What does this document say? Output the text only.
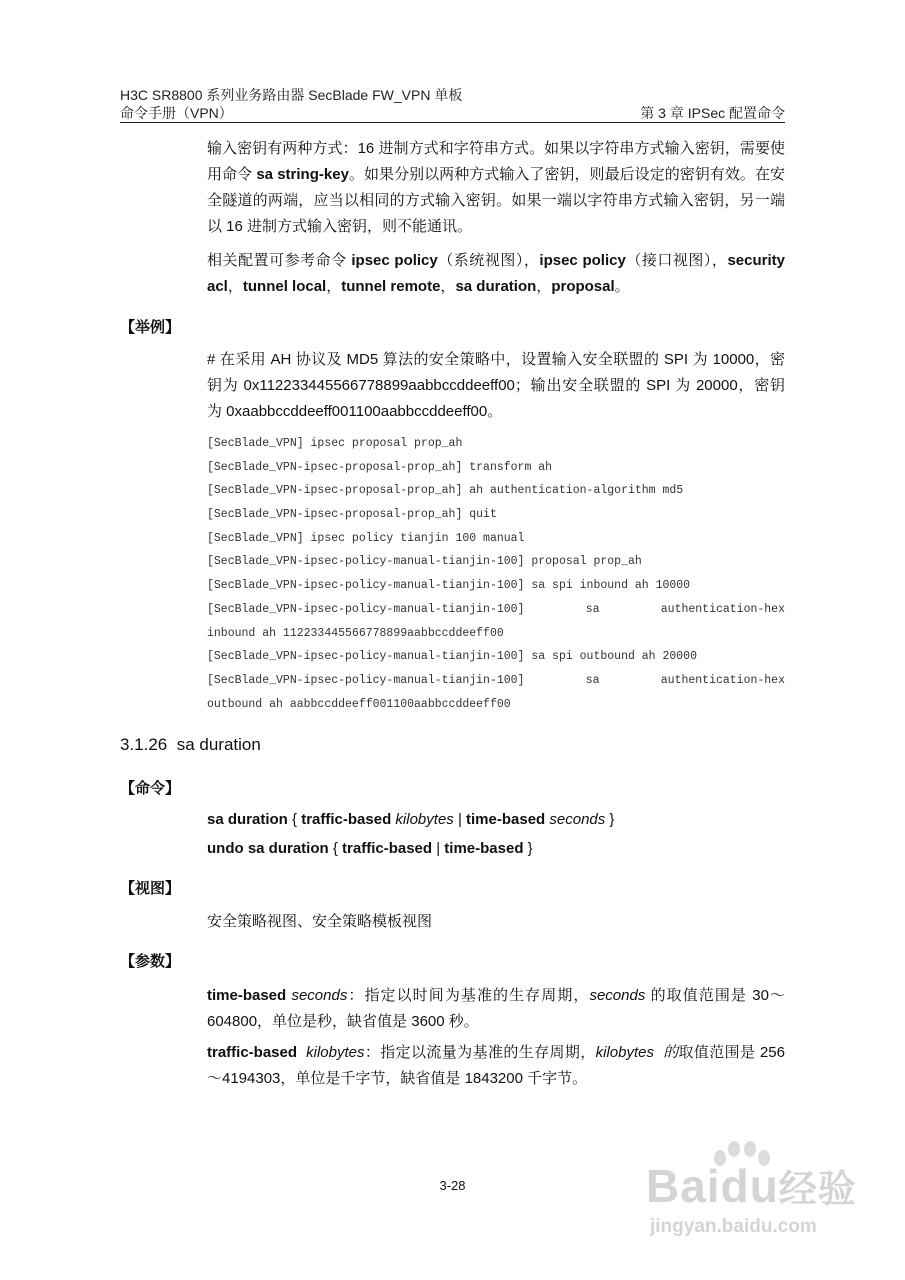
H3C SR8800 系列业务路由器 SecBlade FW_VPN 单板
命令手册（VPN）	第 3 章 IPSec 配置命令
输入密钥有两种方式：16 进制方式和字符串方式。如果以字符串方式输入密钥，需要使用命令 sa string-key。如果分别以两种方式输入了密钥，则最后设定的密钥有效。在安全隧道的两端，应当以相同的方式输入密钥。如果一端以字符串方式输入密钥，另一端以 16 进制方式输入密钥，则不能通讯。
相关配置可参考命令 ipsec policy（系统视图），ipsec policy（接口视图），security acl，tunnel local，tunnel remote，sa duration，proposal。
【举例】
# 在采用 AH 协议及 MD5 算法的安全策略中，设置输入安全联盟的 SPI 为 10000，密钥为 0x112233445566778899aabbccddeeff00；输出安全联盟的 SPI 为 20000，密钥为 0xaabbccddeeff001100aabbccddeeff00。
[SecBlade_VPN] ipsec proposal prop_ah
[SecBlade_VPN-ipsec-proposal-prop_ah] transform ah
[SecBlade_VPN-ipsec-proposal-prop_ah] ah authentication-algorithm md5
[SecBlade_VPN-ipsec-proposal-prop_ah] quit
[SecBlade_VPN] ipsec policy tianjin 100 manual
[SecBlade_VPN-ipsec-policy-manual-tianjin-100] proposal prop_ah
[SecBlade_VPN-ipsec-policy-manual-tianjin-100] sa spi inbound ah 10000
[SecBlade_VPN-ipsec-policy-manual-tianjin-100]	sa	authentication-hex
inbound ah 112233445566778899aabbccddeeff00
[SecBlade_VPN-ipsec-policy-manual-tianjin-100] sa spi outbound ah 20000
[SecBlade_VPN-ipsec-policy-manual-tianjin-100]	sa	authentication-hex
outbound ah aabbccddeeff001100aabbccddeeff00
3.1.26 sa duration
【命令】
sa duration { traffic-based kilobytes | time-based seconds }
undo sa duration { traffic-based | time-based }
【视图】
安全策略视图、安全策略模板视图
【参数】
time-based seconds：指定以时间为基准的生存周期，seconds 的取值范围是 30～604800，单位是秒，缺省值是 3600 秒。
traffic-based kilobytes：指定以流量为基准的生存周期，kilobytes  的取值范围是 256～4194303，单位是千字节，缺省值是 1843200 千字节。
3-28	Baidu经验
jingyan.baidu.com
